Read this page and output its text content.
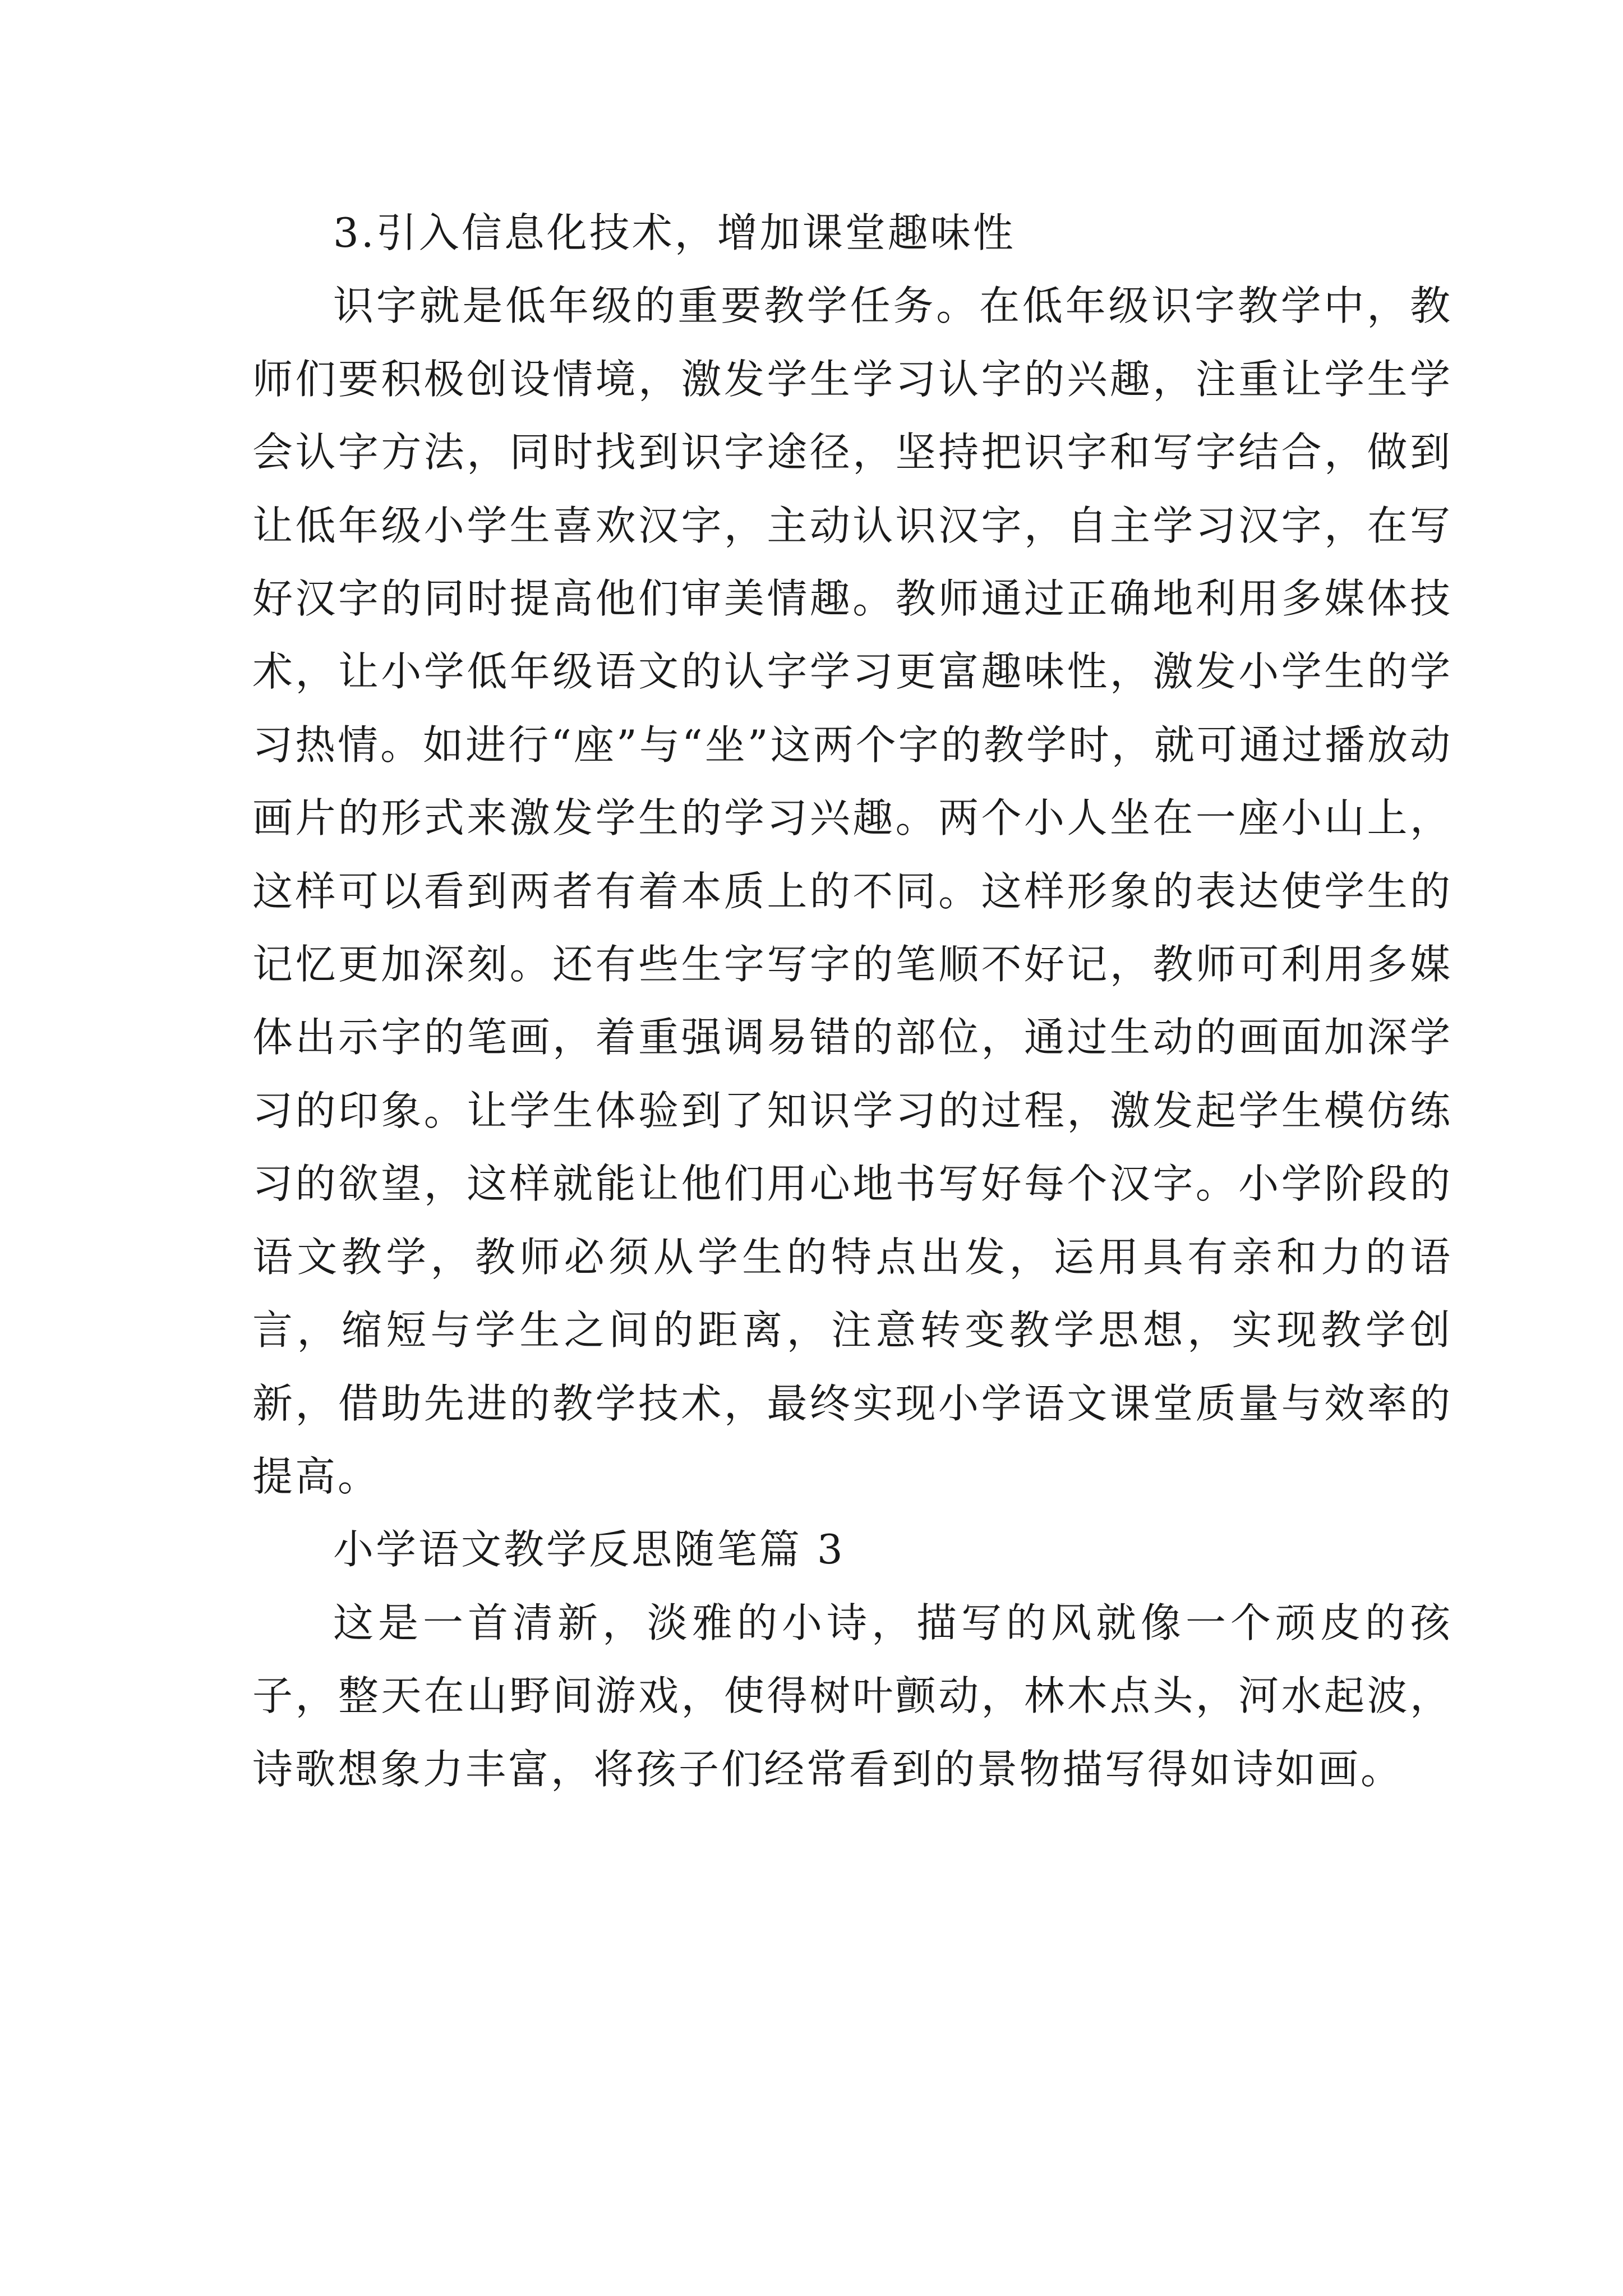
3.引入信息化技术，增加课堂趣味性

识字就是低年级的重要教学任务。在低年级识字教学中，教师们要积极创设情境，激发学生学习认字的兴趣，注重让学生学会认字方法，同时找到识字途径，坚持把识字和写字结合，做到让低年级小学生喜欢汉字，主动认识汉字，自主学习汉字，在写好汉字的同时提高他们审美情趣。教师通过正确地利用多媒体技术，让小学低年级语文的认字学习更富趣味性，激发小学生的学习热情。如进行“座”与“坐”这两个字的教学时，就可通过播放动画片的形式来激发学生的学习兴趣。两个小人坐在一座小山上，这样可以看到两者有着本质上的不同。这样形象的表达使学生的记忆更加深刻。还有些生字写字的笔顺不好记，教师可利用多媒体出示字的笔画，着重强调易错的部位，通过生动的画面加深学习的印象。让学生体验到了知识学习的过程，激发起学生模仿练习的欲望，这样就能让他们用心地书写好每个汉字。小学阶段的语文教学，教师必须从学生的特点出发，运用具有亲和力的语言，缩短与学生之间的距离，注意转变教学思想，实现教学创新，借助先进的教学技术，最终实现小学语文课堂质量与效率的提高。

小学语文教学反思随笔篇 3

这是一首清新，淡雅的小诗，描写的风就像一个顽皮的孩子，整天在山野间游戏，使得树叶颤动，林木点头，河水起波，诗歌想象力丰富，将孩子们经常看到的景物描写得如诗如画。
